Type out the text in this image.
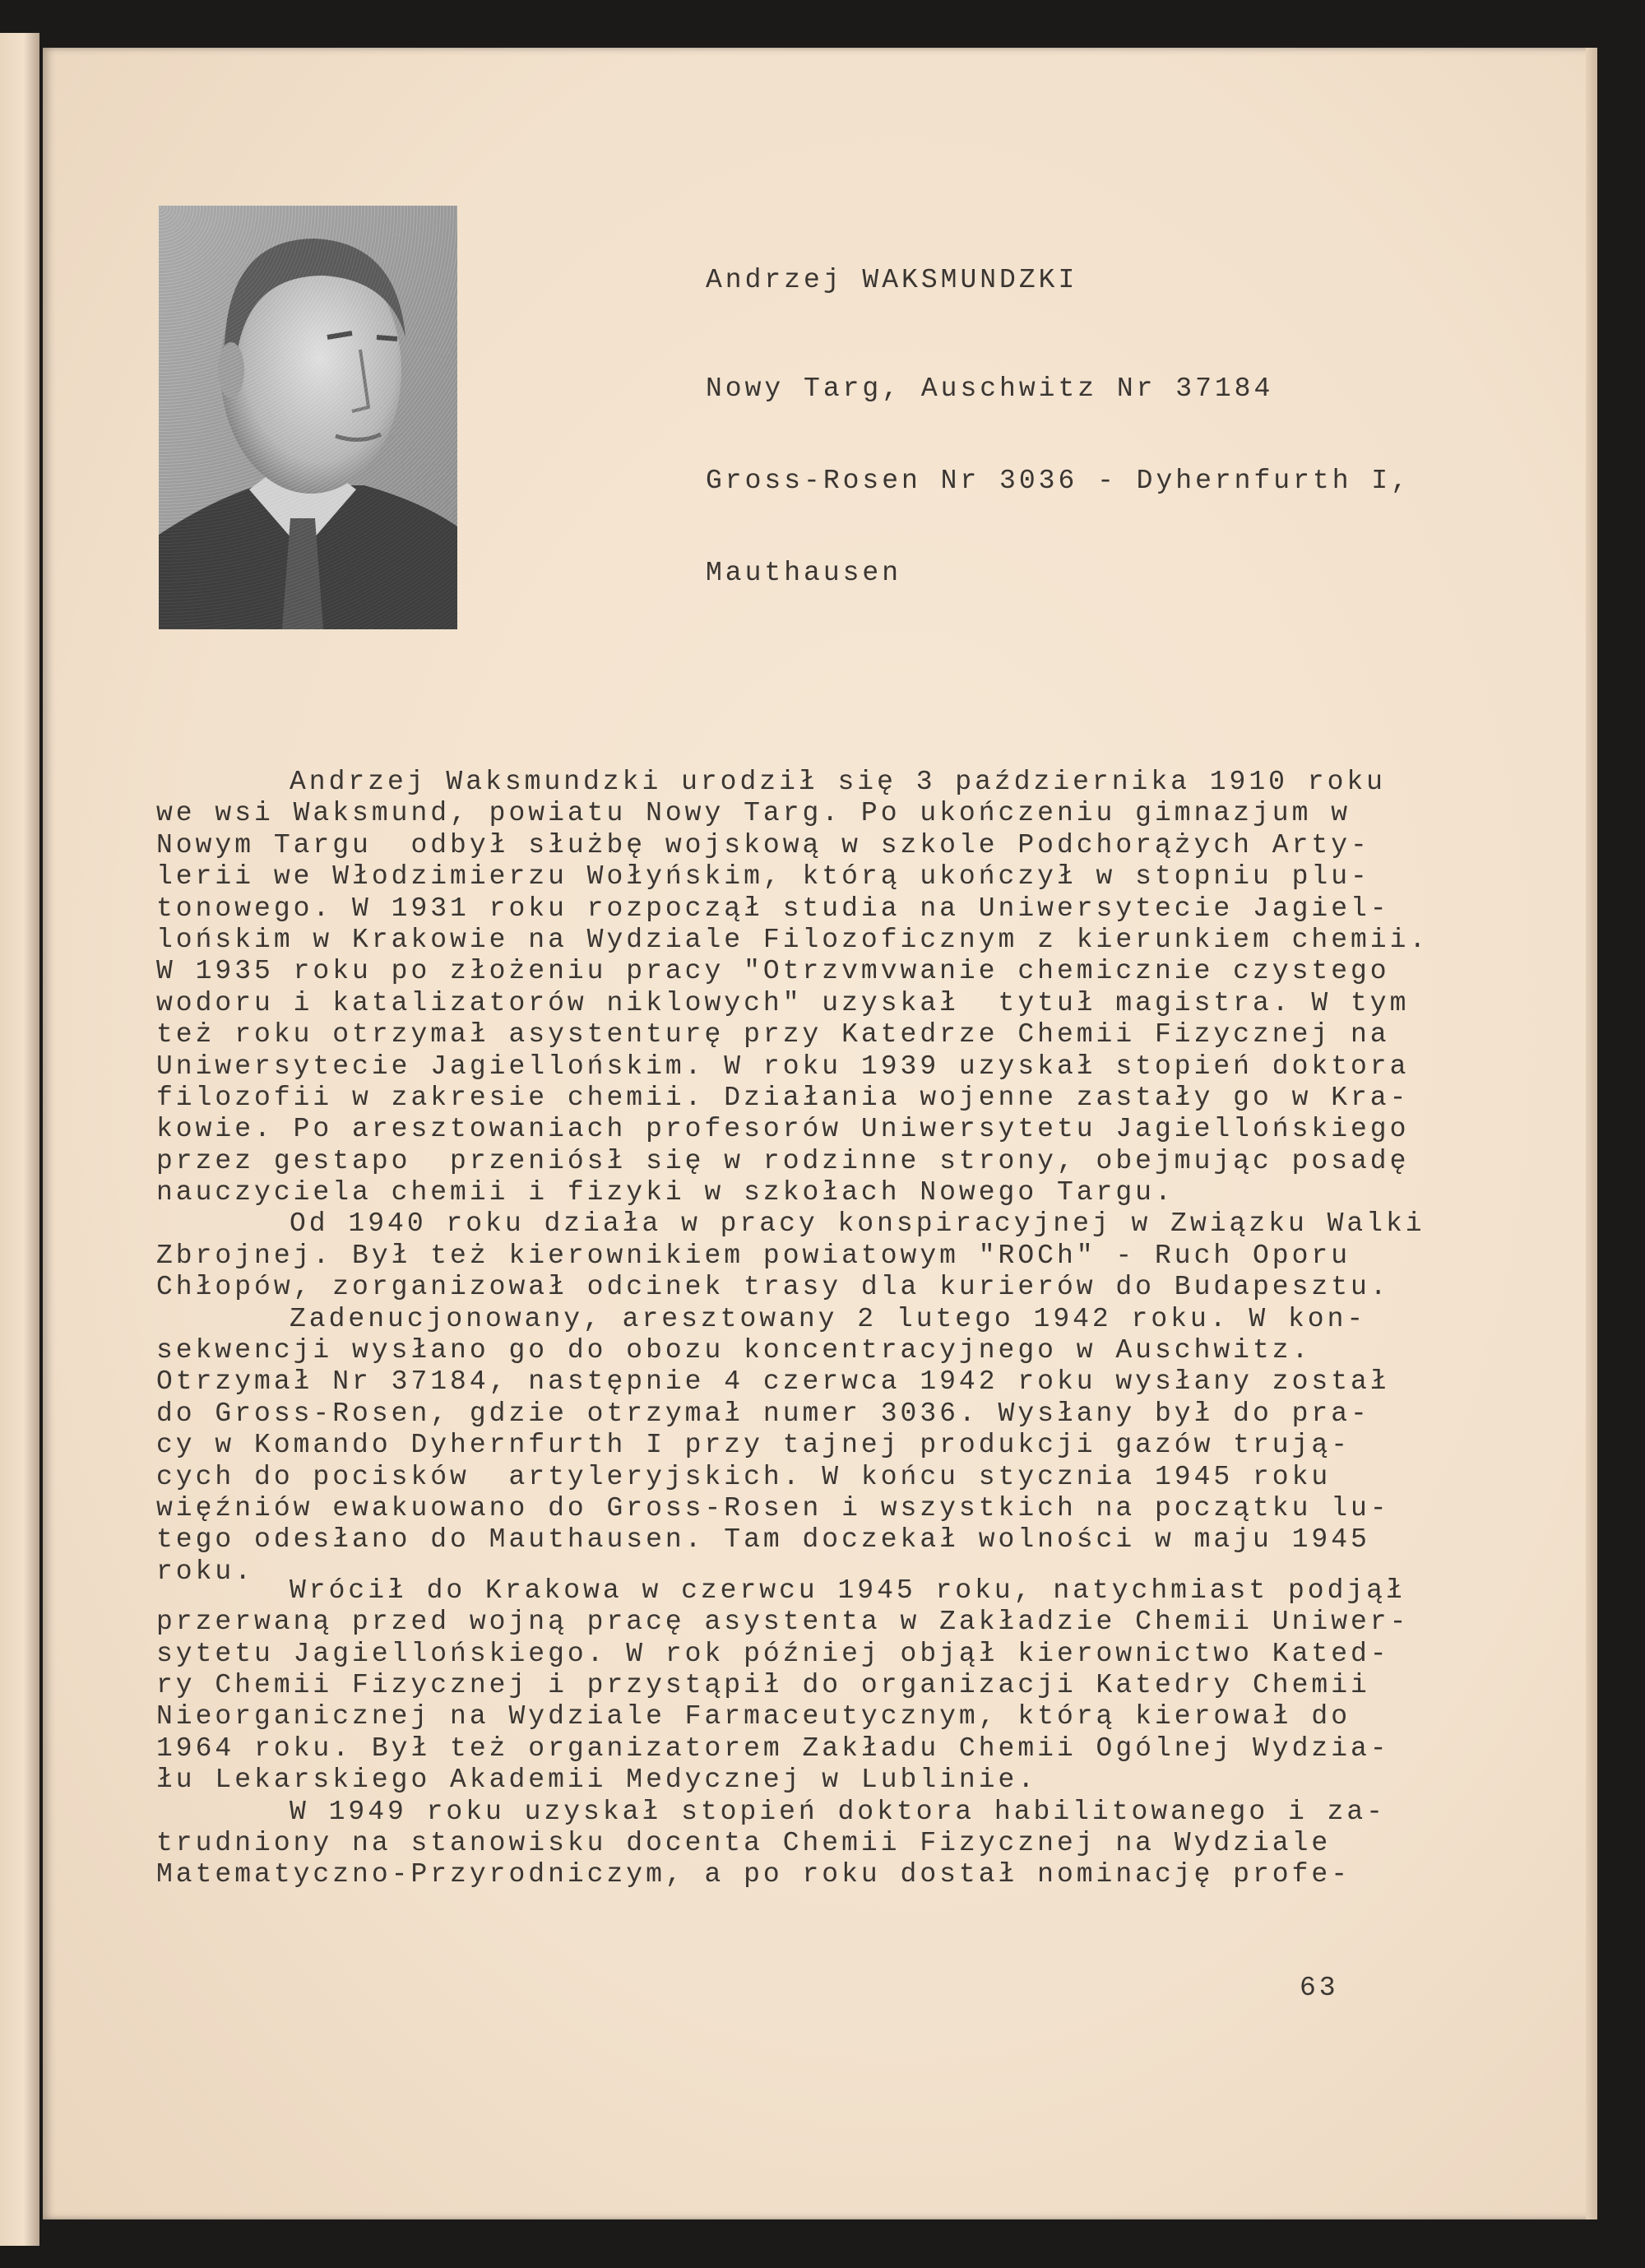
Andrzej WAKSMUNDZKI

Nowy Targ, Auschwitz Nr 37184

Gross-Rosen Nr 3036 - Dyhernfurth I,

Mauthausen

Andrzej Waksmundzki urodził się 3 października 1910 roku
we wsi Waksmund, powiatu Nowy Targ. Po ukończeniu gimnazjum w
Nowym Targu  odbył służbę wojskową w szkole Podchorążych Arty-
lerii we Włodzimierzu Wołyńskim, którą ukończył w stopniu plu-
tonowego. W 1931 roku rozpoczął studia na Uniwersytecie Jagiel-
lońskim w Krakowie na Wydziale Filozoficznym z kierunkiem chemii.
W 1935 roku po złożeniu pracy "Otrzvmvwanie chemicznie czystego
wodoru i katalizatorów niklowych" uzyskał  tytuł magistra. W tym
też roku otrzymał asystenturę przy Katedrze Chemii Fizycznej na
Uniwersytecie Jagiellońskim. W roku 1939 uzyskał stopień doktora
filozofii w zakresie chemii. Działania wojenne zastały go w Kra-
kowie. Po aresztowaniach profesorów Uniwersytetu Jagiellońskiego
przez gestapo  przeniósł się w rodzinne strony, obejmując posadę
nauczyciela chemii i fizyki w szkołach Nowego Targu.
Od 1940 roku działa w pracy konspiracyjnej w Związku Walki
Zbrojnej. Był też kierownikiem powiatowym "ROCh" - Ruch Oporu
Chłopów, zorganizował odcinek trasy dla kurierów do Budapesztu.
Zadenucjonowany, aresztowany 2 lutego 1942 roku. W kon-
sekwencji wysłano go do obozu koncentracyjnego w Auschwitz.
Otrzymał Nr 37184, następnie 4 czerwca 1942 roku wysłany został
do Gross-Rosen, gdzie otrzymał numer 3036. Wysłany był do pra-
cy w Komando Dyhernfurth I przy tajnej produkcji gazów trują-
cych do pocisków  artyleryjskich. W końcu stycznia 1945 roku
więźniów ewakuowano do Gross-Rosen i wszystkich na początku lu-
tego odesłano do Mauthausen. Tam doczekał wolności w maju 1945
roku.
Wrócił do Krakowa w czerwcu 1945 roku, natychmiast podjął
przerwaną przed wojną pracę asystenta w Zakładzie Chemii Uniwer-
sytetu Jagiellońskiego. W rok później objął kierownictwo Kated-
ry Chemii Fizycznej i przystąpił do organizacji Katedry Chemii
Nieorganicznej na Wydziale Farmaceutycznym, którą kierował do
1964 roku. Był też organizatorem Zakładu Chemii Ogólnej Wydzia-
łu Lekarskiego Akademii Medycznej w Lublinie.
W 1949 roku uzyskał stopień doktora habilitowanego i za-
trudniony na stanowisku docenta Chemii Fizycznej na Wydziale
Matematyczno-Przyrodniczym, a po roku dostał nominację profe-
63
